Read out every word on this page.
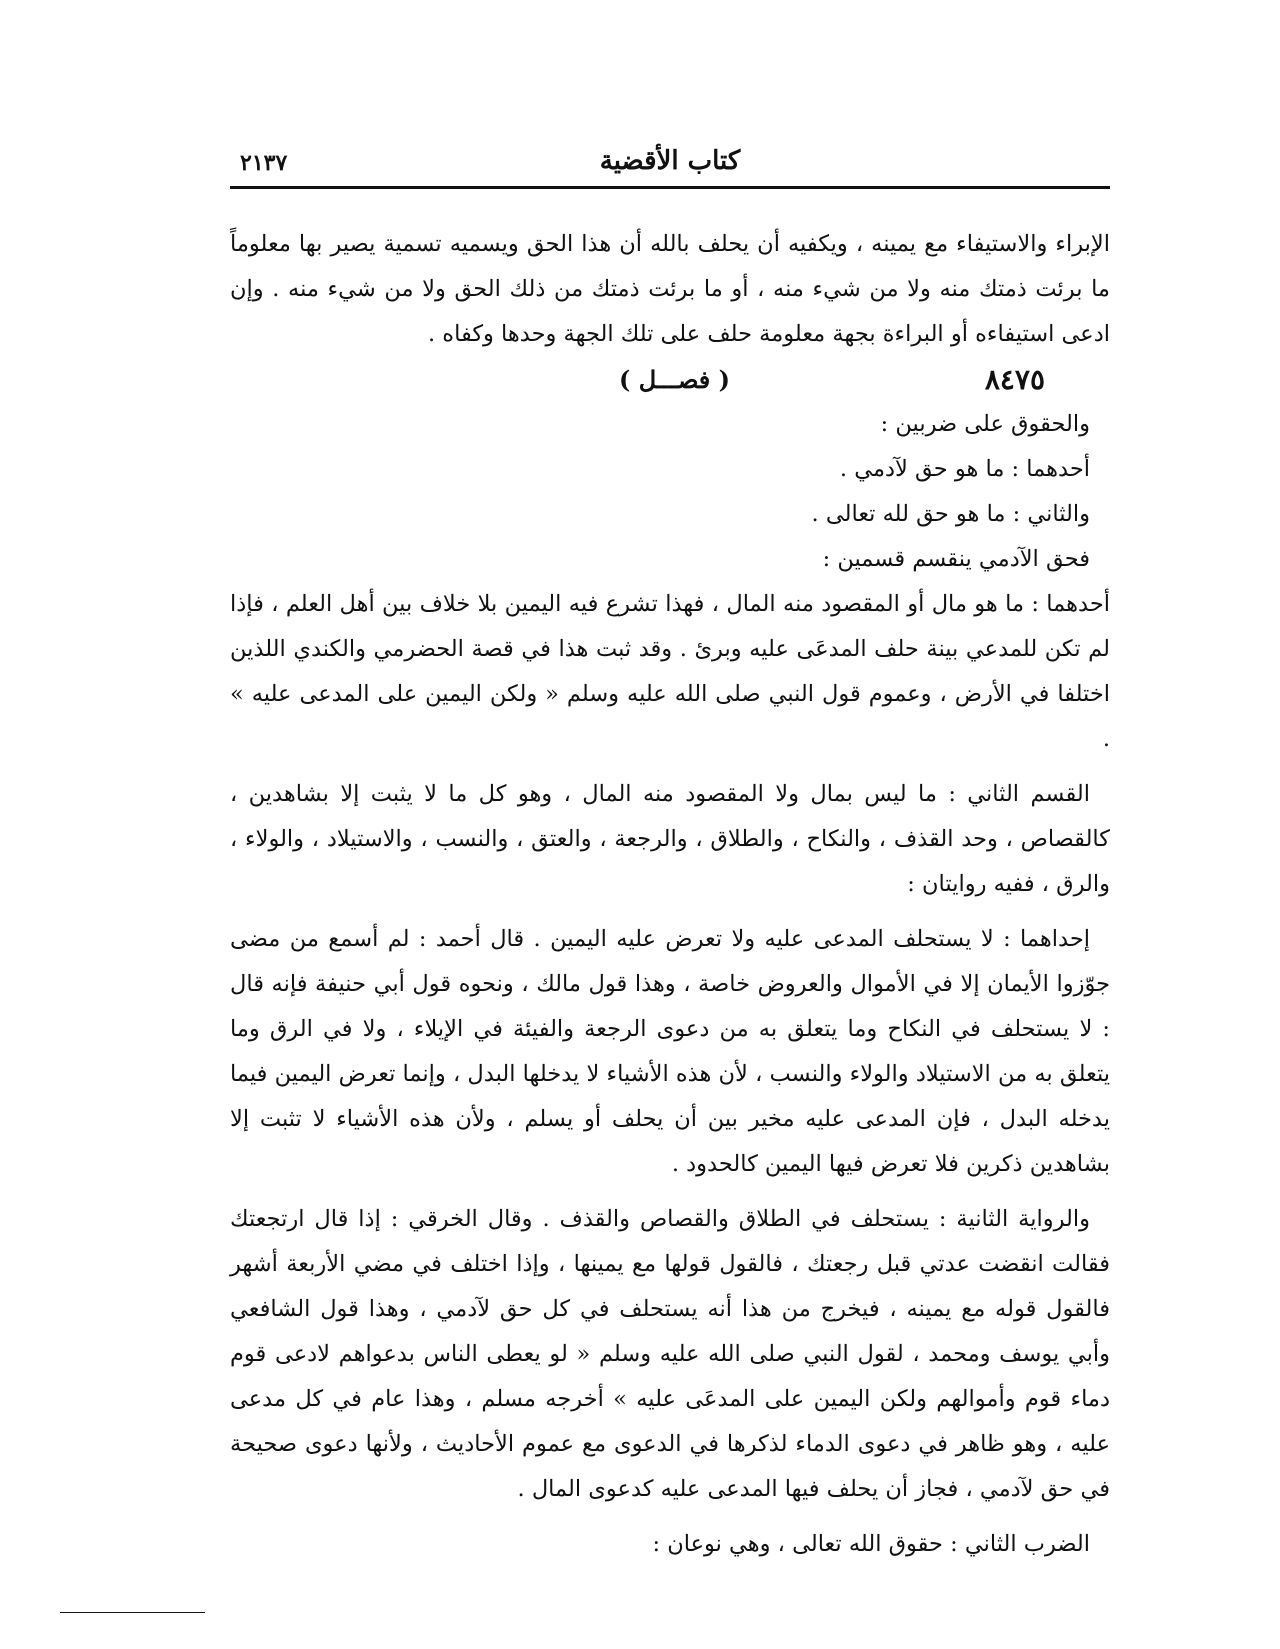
كتاب الأقضية
٢١٣٧

الإبراء والاستيفاء مع يمينه ، ويكفيه أن يحلف بالله أن هذا الحق ويسميه تسمية يصير بها معلوماً ما برئت ذمتك منه ولا من شيء منه ، أو ما برئت ذمتك من ذلك الحق ولا من شيء منه . وإن ادعى استيفاءه أو البراءة بجهة معلومة حلف على تلك الجهة وحدها وكفاه .

٨٤٧٥
( فصـــل )

والحقوق على ضربين :

أحدهما : ما هو حق لآدمي .

والثاني : ما هو حق لله تعالى .

فحق الآدمي ينقسم قسمين :

أحدهما : ما هو مال أو المقصود منه المال ، فهذا تشرع فيه اليمين بلا خلاف بين أهل العلم ، فإذا لم تكن للمدعي بينة حلف المدعَى عليه وبرئ . وقد ثبت هذا في قصة الحضرمي والكندي اللذين اختلفا في الأرض ، وعموم قول النبي صلى الله عليه وسلم « ولكن اليمين على المدعى عليه » .

القسم الثاني : ما ليس بمال ولا المقصود منه المال ، وهو كل ما لا يثبت إلا بشاهدين ، كالقصاص ، وحد القذف ، والنكاح ، والطلاق ، والرجعة ، والعتق ، والنسب ، والاستيلاد ، والولاء ، والرق ، ففيه روايتان :

إحداهما : لا يستحلف المدعى عليه ولا تعرض عليه اليمين . قال أحمد : لم أسمع من مضى جوّزوا الأيمان إلا في الأموال والعروض خاصة ، وهذا قول مالك ، ونحوه قول أبي حنيفة فإنه قال : لا يستحلف في النكاح وما يتعلق به من دعوى الرجعة والفيئة في الإيلاء ، ولا في الرق وما يتعلق به من الاستيلاد والولاء والنسب ، لأن هذه الأشياء لا يدخلها البدل ، وإنما تعرض اليمين فيما يدخله البدل ، فإن المدعى عليه مخير بين أن يحلف أو يسلم ، ولأن هذه الأشياء لا تثبت إلا بشاهدين ذكرين فلا تعرض فيها اليمين كالحدود .

والرواية الثانية : يستحلف في الطلاق والقصاص والقذف . وقال الخرقي : إذا قال ارتجعتك فقالت انقضت عدتي قبل رجعتك ، فالقول قولها مع يمينها ، وإذا اختلف في مضي الأربعة أشهر فالقول قوله مع يمينه ، فيخرج من هذا أنه يستحلف في كل حق لآدمي ، وهذا قول الشافعي وأبي يوسف ومحمد ، لقول النبي صلى الله عليه وسلم « لو يعطى الناس بدعواهم لادعى قوم دماء قوم وأموالهم ولكن اليمين على المدعَى عليه » أخرجه مسلم ، وهذا عام في كل مدعى عليه ، وهو ظاهر في دعوى الدماء لذكرها في الدعوى مع عموم الأحاديث ، ولأنها دعوى صحيحة في حق لآدمي ، فجاز أن يحلف فيها المدعى عليه كدعوى المال .

الضرب الثاني : حقوق الله تعالى ، وهي نوعان :
